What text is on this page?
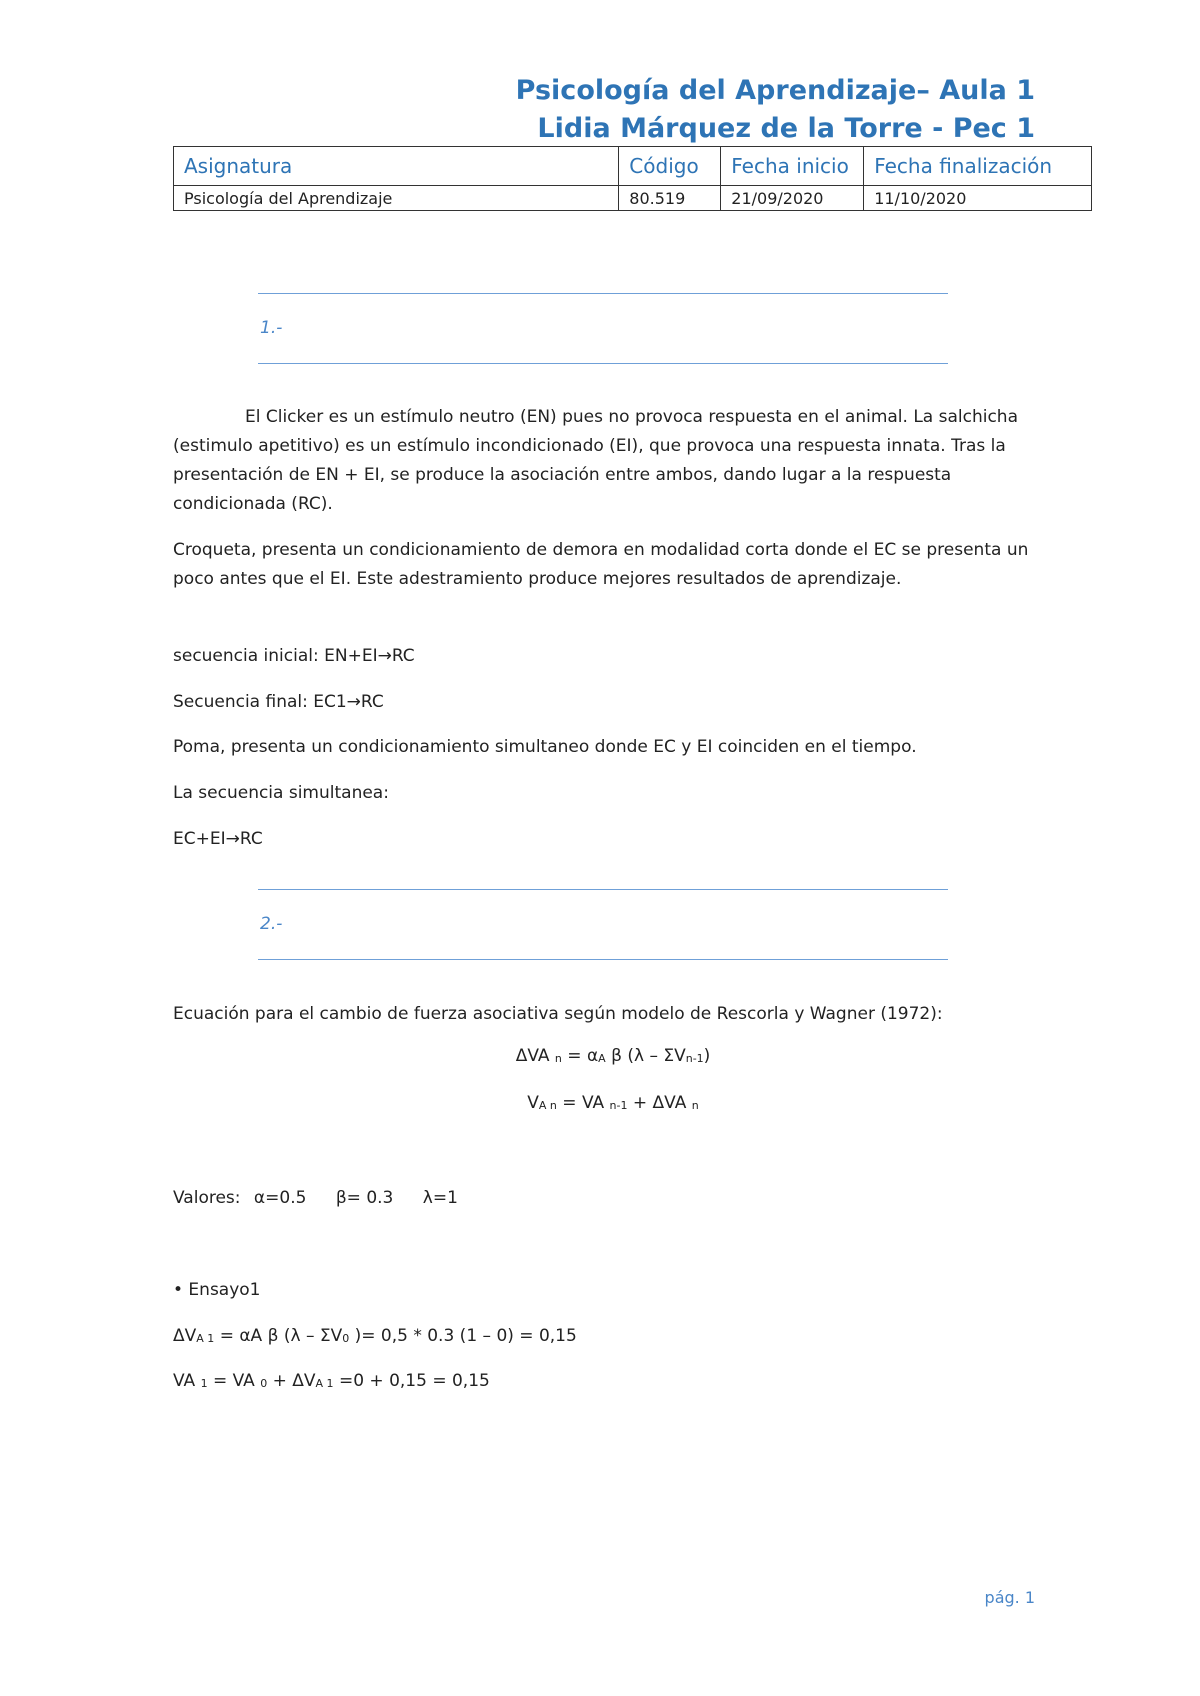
Psicología del Aprendizaje– Aula 1
Lidia Márquez de la Torre - Pec 1
Asignatura	Código	Fecha inicio	Fecha finalización
Psicología del Aprendizaje	80.519	21/09/2020	11/10/2020
1.-
El Clicker es un estímulo neutro (EN) pues no provoca respuesta en el animal. La salchicha (estimulo apetitivo) es un estímulo incondicionado (EI), que provoca una respuesta innata. Tras la presentación de EN + EI, se produce la asociación entre ambos, dando lugar a la respuesta condicionada (RC).
Croqueta, presenta un condicionamiento de demora en modalidad corta donde el EC se presenta un poco antes que el EI. Este adestramiento produce mejores resultados de aprendizaje.
secuencia inicial: EN+EI→RC
Secuencia final: EC1→RC
Poma, presenta un condicionamiento simultaneo donde EC y EI coinciden en el tiempo.
La secuencia simultanea:
EC+EI→RC
2.-
Ecuación para el cambio de fuerza asociativa según modelo de Rescorla y Wagner (1972):
ΔVA $_n = \alpha_A$ β $(\lambda - \Sigma V_{n-1})$
$V_{A n}$ = VA $_{n-1}$ + ΔVA $_n$
Valores: α=0.5 β= 0.3 λ=1
• Ensayo1
$\Delta V_{A 1} = \alpha A$ β ($\lambda - \Sigma V_0$ )= 0,5 * 0.3 (1 – 0) = 0,15
VA $_1$ = VA $_0 + \Delta V_{A 1} =0 + 0,15 = 0,15$
pág. 1
